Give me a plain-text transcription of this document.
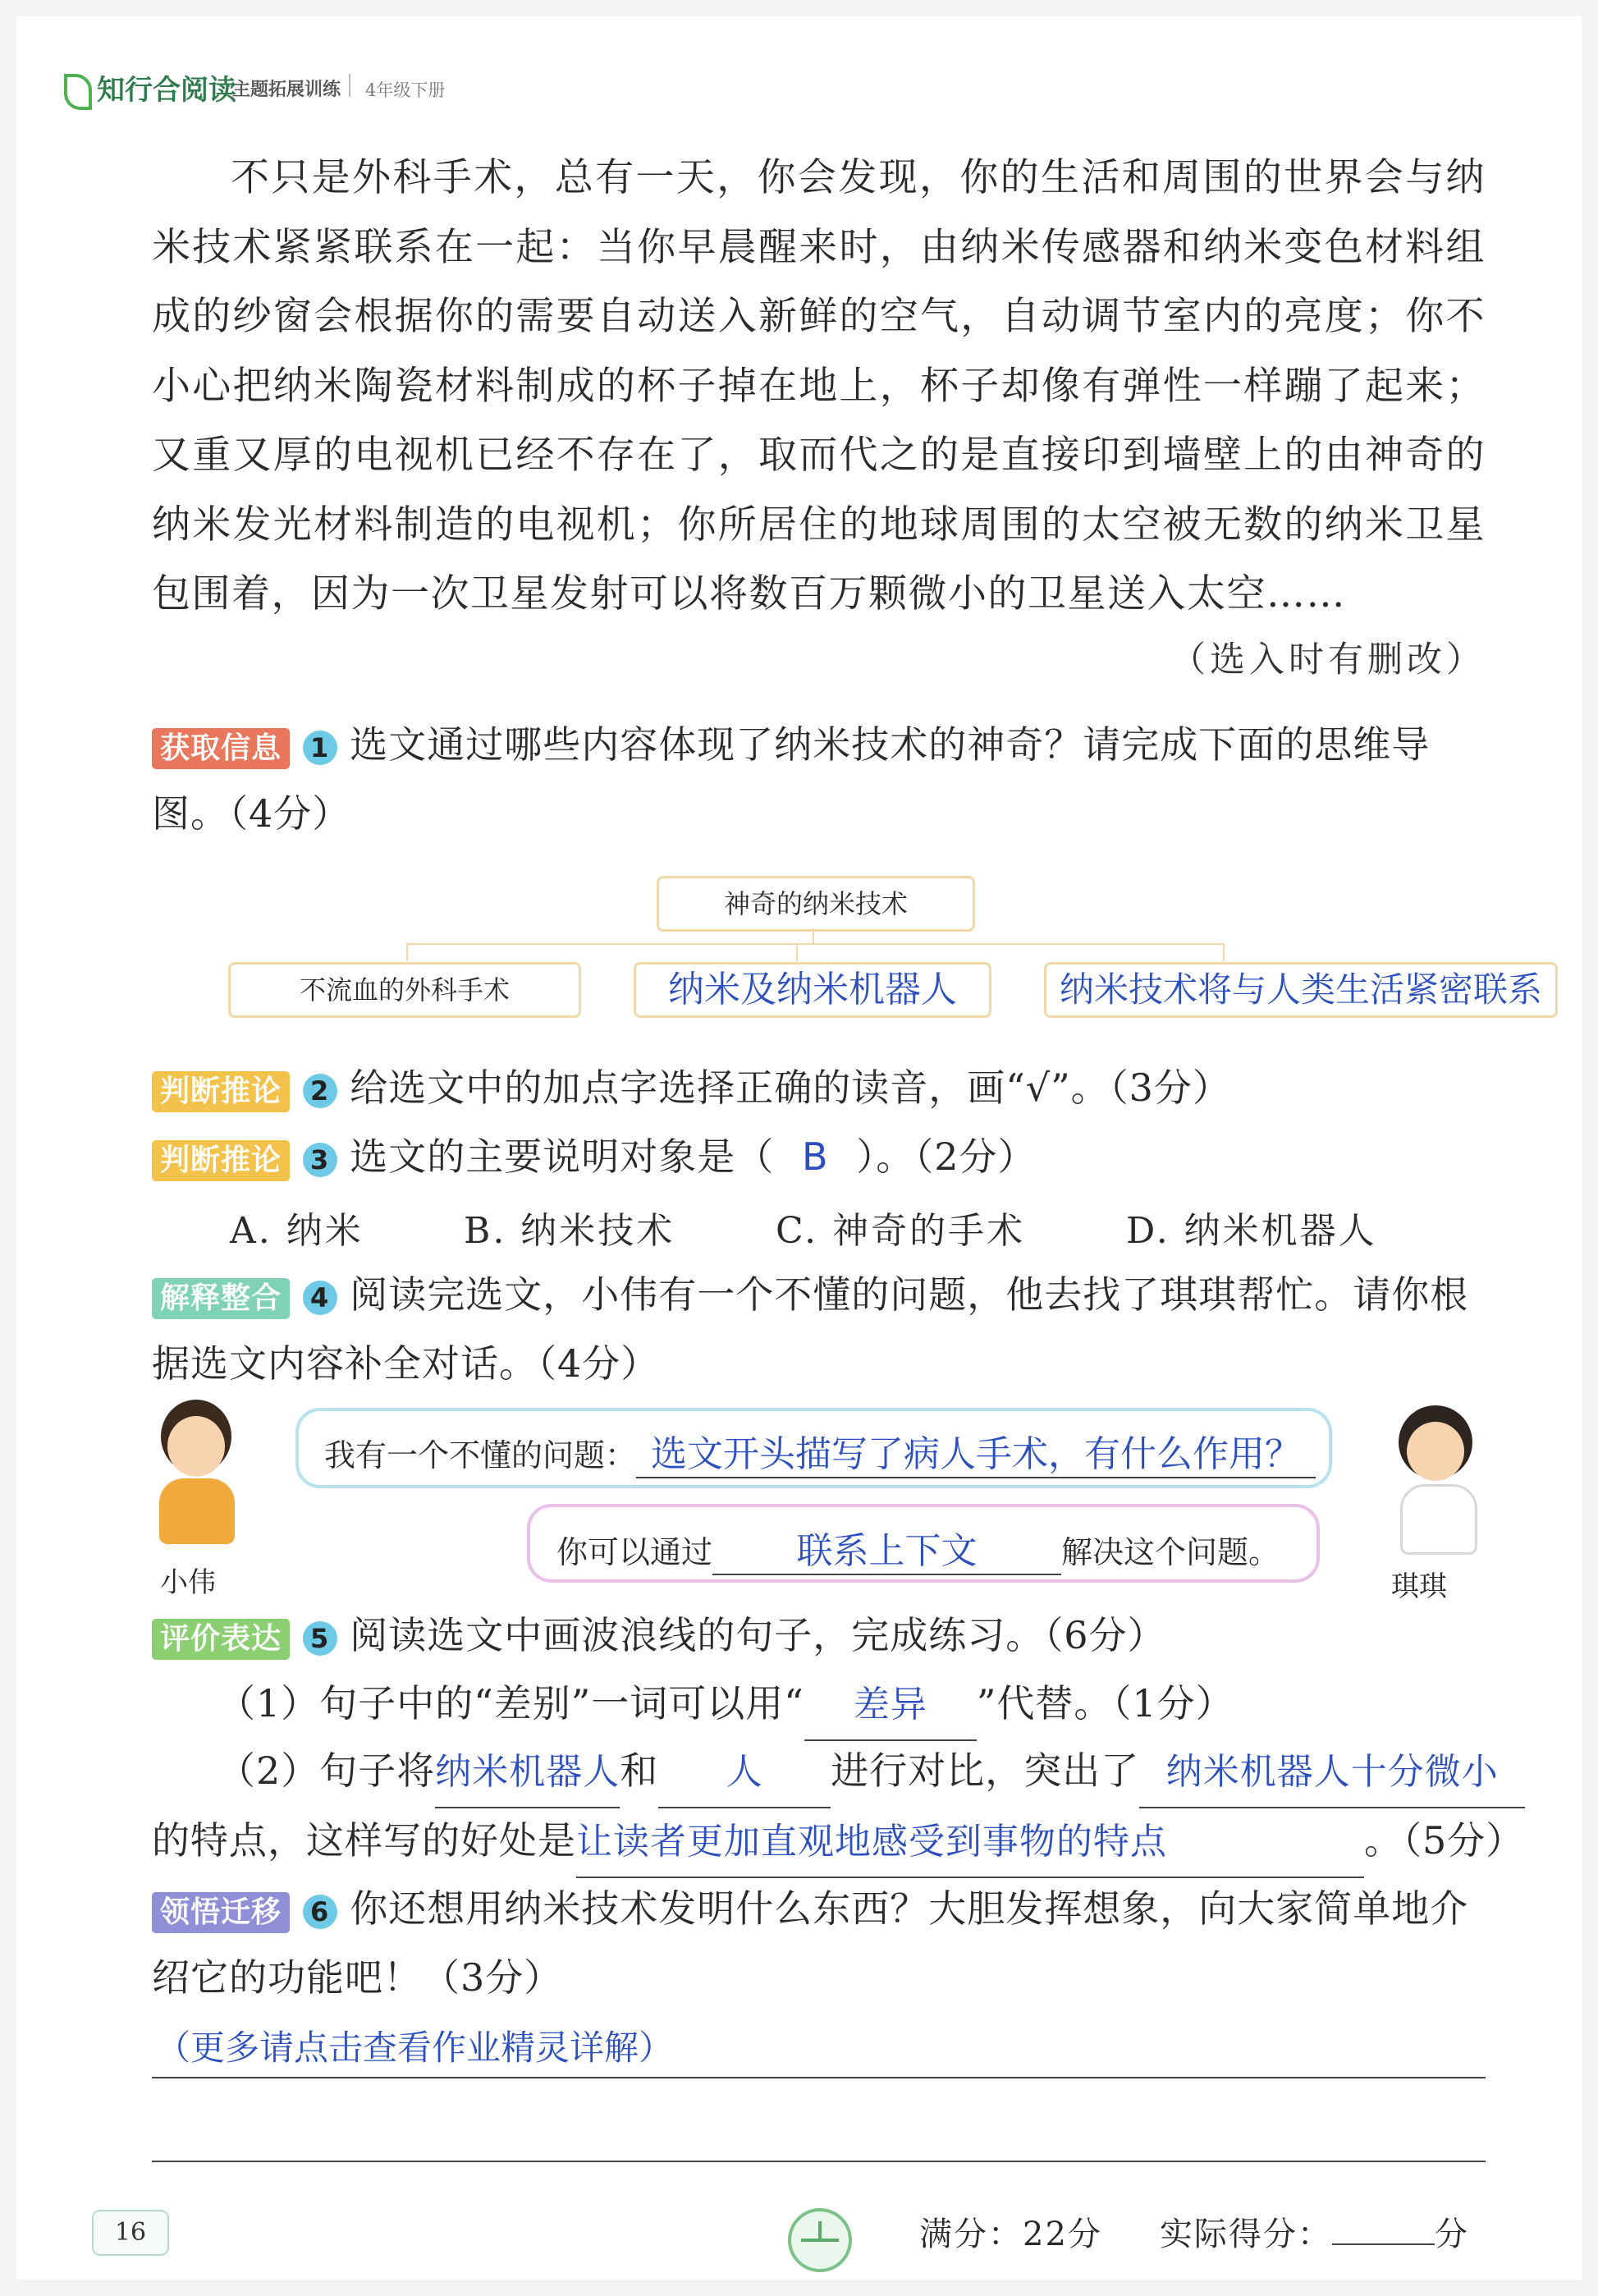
知行合阅读
主题拓展训练 4年级下册

不只是外科手术，总有一天，你会发现，你的生活和周围的世界会与纳米技术紧紧联系在一起：当你早晨醒来时，由纳米传感器和纳米变色材料组成的纱窗会根据你的需要自动送入新鲜的空气，自动调节室内的亮度；你不小心把纳米陶瓷材料制成的杯子掉在地上，杯子却像有弹性一样蹦了起来；又重又厚的电视机已经不存在了，取而代之的是直接印到墙壁上的由神奇的纳米发光材料制造的电视机；你所居住的地球周围的太空被无数的纳米卫星包围着，因为一次卫星发射可以将数百万颗微小的卫星送入太空……

（选入时有删改）
获取信息 1 选文通过哪些内容体现了纳米技术的神奇？请完成下面的思维导图。（4分）
神奇的纳米技术
不流血的外科手术	纳米及纳米机器人	纳米技术将与人类生活紧密联系
判断推论 2 给选文中的加点字选择正确的读音，画“√”。（3分）
判断推论 3 选文的主要说明对象是（ B ）。（2分）
A. 纳米	B. 纳米技术	C. 神奇的手术	D. 纳米机器人
解释整合 4 阅读完选文，小伟有一个不懂的问题，他去找了琪琪帮忙。请你根据选文内容补全对话。（4分）
小伟
我有一个不懂的问题： 选文开头描写了病人手术，有什么作用？
琪琪
你可以通过 联系上下文	解决这个问题。
评价表达 5 阅读选文中画波浪线的句子，完成练习。（6分）
（1）句子中的“差别”一词可以用“ 差异 ”代替。（1分）
（2）句子将纳米机器人和 人 进行对比，突出了 纳米机器人十分微小
的特点，这样写的好处是让读者更加直观地感受到事物的特点	。（5分）
领悟迁移 6 你还想用纳米技术发明什么东西？大胆发挥想象，向大家简单地介绍它的功能吧！（3分）
（更多请点击查看作业精灵详解）
16	满分：22分 实际得分：	分
